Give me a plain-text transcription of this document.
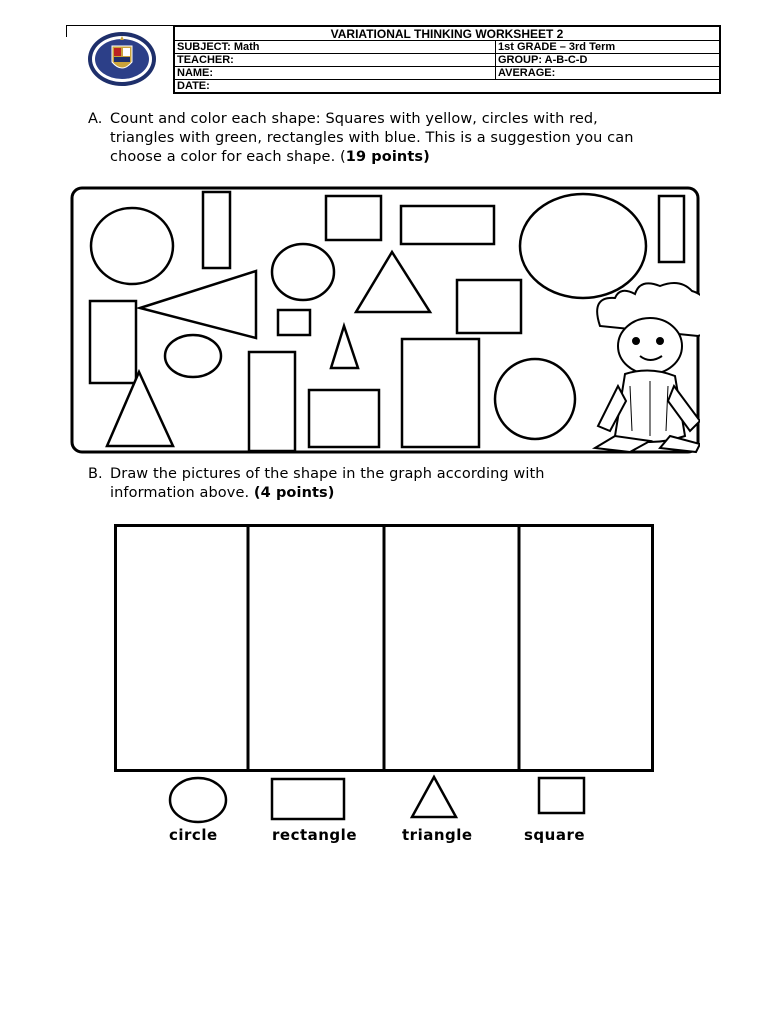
VARIATIONAL THINKING WORKSHEET 2	
SUBJECT: Math	1st GRADE – 3rd Term
TEACHER:	GROUP: A-B-C-D
NAME:	AVERAGE:
DATE:	
A. Count and color each shape: Squares with yellow, circles with red,
triangles with green, rectangles with blue. This is a suggestion you can
choose a color for each shape. (19 points)
B. Draw the pictures of the shape in the graph according with
information above. (4 points)
circle	rectangle	triangle	square
